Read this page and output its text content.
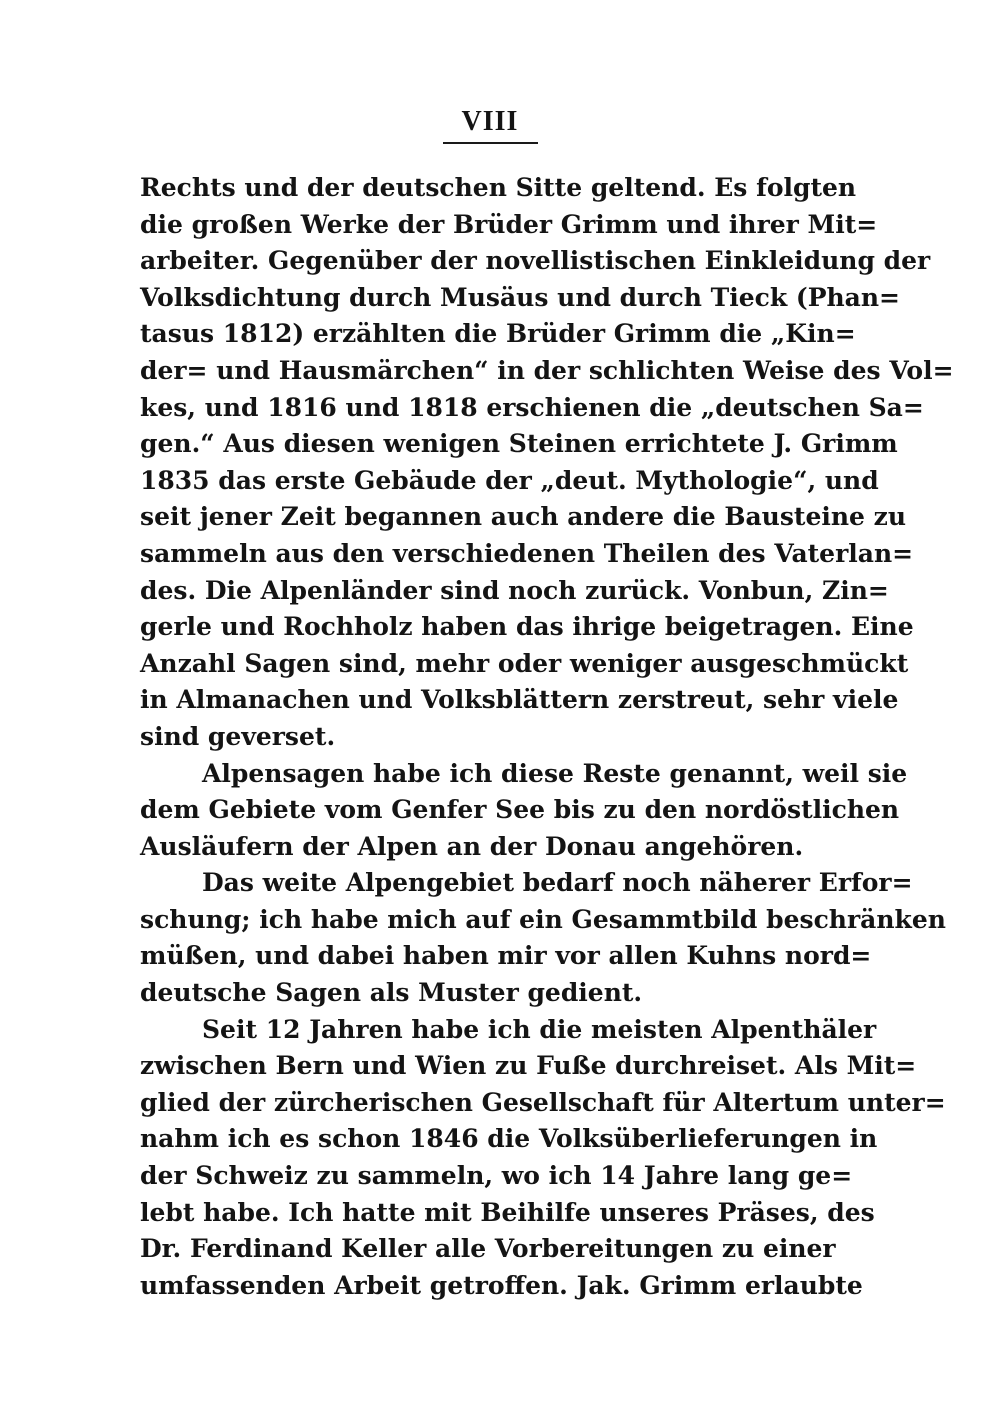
VIII
Rechts und der deutschen Sitte geltend. Es folgten
die großen Werke der Brüder Grimm und ihrer Mit=
arbeiter. Gegenüber der novellistischen Einkleidung der
Volksdichtung durch Musäus und durch Tieck (Phan=
tasus 1812) erzählten die Brüder Grimm die „Kin=
der= und Hausmärchen“ in der schlichten Weise des Vol=
kes, und 1816 und 1818 erschienen die „deutschen Sa=
gen.“ Aus diesen wenigen Steinen errichtete J. Grimm
1835 das erste Gebäude der „deut. Mythologie“, und
seit jener Zeit begannen auch andere die Bausteine zu
sammeln aus den verschiedenen Theilen des Vaterlan=
des. Die Alpenländer sind noch zurück. Vonbun, Zin=
gerle und Rochholz haben das ihrige beigetragen. Eine
Anzahl Sagen sind, mehr oder weniger ausgeschmückt
in Almanachen und Volksblättern zerstreut, sehr viele
sind geverset.
Alpensagen habe ich diese Reste genannt, weil sie
dem Gebiete vom Genfer See bis zu den nordöstlichen
Ausläufern der Alpen an der Donau angehören.
Das weite Alpengebiet bedarf noch näherer Erfor=
schung; ich habe mich auf ein Gesammtbild beschränken
müßen, und dabei haben mir vor allen Kuhns nord=
deutsche Sagen als Muster gedient.
Seit 12 Jahren habe ich die meisten Alpenthäler
zwischen Bern und Wien zu Fuße durchreiset. Als Mit=
glied der zürcherischen Gesellschaft für Altertum unter=
nahm ich es schon 1846 die Volksüberlieferungen in
der Schweiz zu sammeln, wo ich 14 Jahre lang ge=
lebt habe. Ich hatte mit Beihilfe unseres Präses, des
Dr. Ferdinand Keller alle Vorbereitungen zu einer
umfassenden Arbeit getroffen. Jak. Grimm erlaubte
